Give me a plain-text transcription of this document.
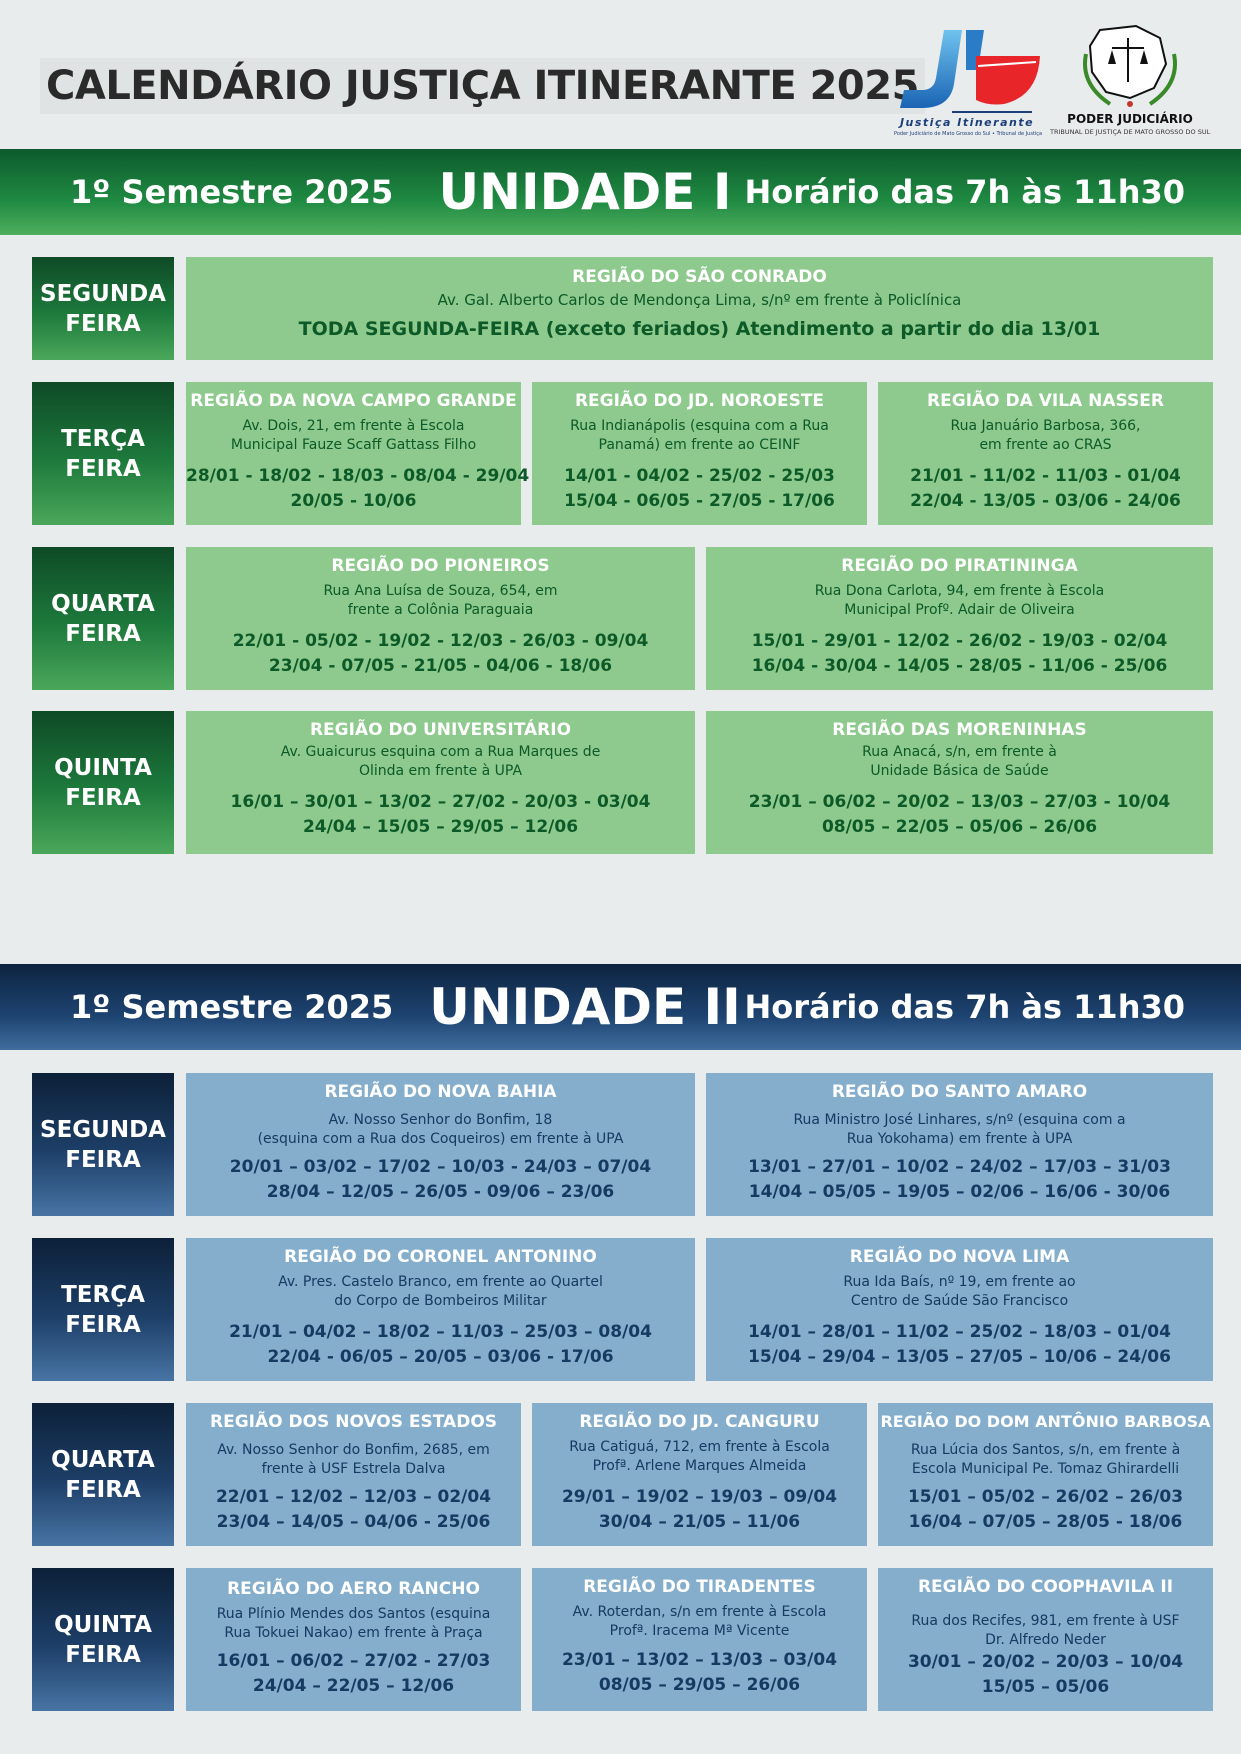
CALENDÁRIO JUSTIÇA ITINERANTE 2025
Justiça Itinerante
Poder Judiciário de Mato Grosso do Sul • Tribunal de Justiça
PODER JUDICIÁRIO
TRIBUNAL DE JUSTIÇA DE MATO GROSSO DO SUL
1º Semestre 2025 UNIDADE I Horário das 7h às 11h30
SEGUNDA
FEIRA
REGIÃO DO SÃO CONRADO
Av. Gal. Alberto Carlos de Mendonça Lima, s/nº em frente à Policlínica
TODA SEGUNDA-FEIRA (exceto feriados) Atendimento a partir do dia 13/01
TERÇA
FEIRA
REGIÃO DA NOVA CAMPO GRANDE
Av. Dois, 21, em frente à Escola
Municipal Fauze Scaff Gattass Filho
28/01 - 18/02 - 18/03 - 08/04 - 29/04
20/05 - 10/06
REGIÃO DO JD. NOROESTE
Rua Indianápolis (esquina com a Rua
Panamá) em frente ao CEINF
14/01 - 04/02 - 25/02 - 25/03
15/04 - 06/05 - 27/05 - 17/06
REGIÃO DA VILA NASSER
Rua Januário Barbosa, 366,
em frente ao CRAS
21/01 - 11/02 - 11/03 - 01/04
22/04 - 13/05 - 03/06 - 24/06
QUARTA
FEIRA
REGIÃO DO PIONEIROS
Rua Ana Luísa de Souza, 654, em
frente a Colônia Paraguaia
22/01 - 05/02 - 19/02 - 12/03 - 26/03 - 09/04
23/04 - 07/05 - 21/05 - 04/06 - 18/06
REGIÃO DO PIRATININGA
Rua Dona Carlota, 94, em frente à Escola
Municipal Profº. Adair de Oliveira
15/01 - 29/01 - 12/02 - 26/02 - 19/03 - 02/04
16/04 - 30/04 - 14/05 - 28/05 - 11/06 - 25/06
QUINTA
FEIRA
REGIÃO DO UNIVERSITÁRIO
Av. Guaicurus esquina com a Rua Marques de
Olinda em frente à UPA
16/01 – 30/01 – 13/02 – 27/02 - 20/03 - 03/04
24/04 – 15/05 – 29/05 – 12/06
REGIÃO DAS MORENINHAS
Rua Anacá, s/n, em frente à
Unidade Básica de Saúde
23/01 – 06/02 – 20/02 – 13/03 – 27/03 - 10/04
08/05 – 22/05 – 05/06 – 26/06
1º Semestre 2025 UNIDADE II Horário das 7h às 11h30
SEGUNDA
FEIRA
REGIÃO DO NOVA BAHIA
Av. Nosso Senhor do Bonfim, 18
(esquina com a Rua dos Coqueiros) em frente à UPA
20/01 – 03/02 – 17/02 – 10/03 - 24/03 – 07/04
28/04 – 12/05 – 26/05 - 09/06 – 23/06
REGIÃO DO SANTO AMARO
Rua Ministro José Linhares, s/nº (esquina com a
Rua Yokohama) em frente à UPA
13/01 – 27/01 – 10/02 – 24/02 – 17/03 – 31/03
14/04 – 05/05 – 19/05 – 02/06 – 16/06 - 30/06
TERÇA
FEIRA
REGIÃO DO CORONEL ANTONINO
Av. Pres. Castelo Branco, em frente ao Quartel
do Corpo de Bombeiros Militar
21/01 – 04/02 – 18/02 – 11/03 – 25/03 – 08/04
22/04 - 06/05 – 20/05 – 03/06 - 17/06
REGIÃO DO NOVA LIMA
Rua Ida Baís, nº 19, em frente ao
Centro de Saúde São Francisco
14/01 – 28/01 – 11/02 – 25/02 – 18/03 – 01/04
15/04 – 29/04 – 13/05 – 27/05 – 10/06 – 24/06
QUARTA
FEIRA
REGIÃO DOS NOVOS ESTADOS
Av. Nosso Senhor do Bonfim, 2685, em
frente à USF Estrela Dalva
22/01 – 12/02 – 12/03 – 02/04
23/04 – 14/05 – 04/06 - 25/06
REGIÃO DO JD. CANGURU
Rua Catiguá, 712, em frente à Escola
Profª. Arlene Marques Almeida
29/01 – 19/02 – 19/03 – 09/04
30/04 – 21/05 – 11/06
REGIÃO DO DOM ANTÔNIO BARBOSA
Rua Lúcia dos Santos, s/n, em frente à
Escola Municipal Pe. Tomaz Ghirardelli
15/01 – 05/02 – 26/02 – 26/03
16/04 – 07/05 – 28/05 - 18/06
QUINTA
FEIRA
REGIÃO DO AERO RANCHO
Rua Plínio Mendes dos Santos (esquina
Rua Tokuei Nakao) em frente à Praça
16/01 – 06/02 – 27/02 - 27/03
24/04 – 22/05 – 12/06
REGIÃO DO TIRADENTES
Av. Roterdan, s/n em frente à Escola
Profª. Iracema Mª Vicente
23/01 – 13/02 – 13/03 – 03/04
08/05 – 29/05 – 26/06
REGIÃO DO COOPHAVILA II
Rua dos Recifes, 981, em frente à USF
Dr. Alfredo Neder
30/01 – 20/02 – 20/03 – 10/04
15/05 – 05/06
